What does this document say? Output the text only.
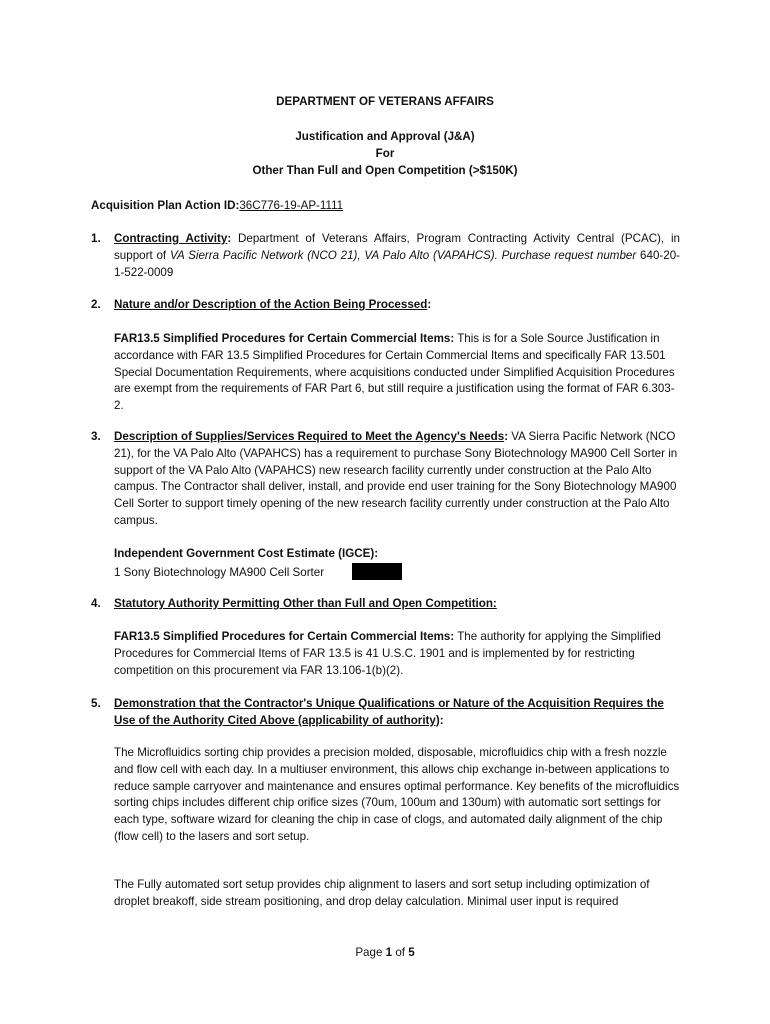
DEPARTMENT OF VETERANS AFFAIRS
Justification and Approval (J&A)
For
Other Than Full and Open Competition (>$150K)
Acquisition Plan Action ID:36C776-19-AP-1111
1.	Contracting Activity: Department of Veterans Affairs, Program Contracting Activity Central (PCAC), in support of VA Sierra Pacific Network (NCO 21), VA Palo Alto (VAPAHCS). Purchase request number 640-20-1-522-0009
2.	Nature and/or Description of the Action Being Processed:
FAR13.5 Simplified Procedures for Certain Commercial Items: This is for a Sole Source Justification in accordance with FAR 13.5 Simplified Procedures for Certain Commercial Items and specifically FAR 13.501 Special Documentation Requirements, where acquisitions conducted under Simplified Acquisition Procedures are exempt from the requirements of FAR Part 6, but still require a justification using the format of FAR 6.303-2.
3.	Description of Supplies/Services Required to Meet the Agency's Needs: VA Sierra Pacific Network (NCO 21), for the VA Palo Alto (VAPAHCS) has a requirement to purchase Sony Biotechnology MA900 Cell Sorter in support of the VA Palo Alto (VAPAHCS) new research facility currently under construction at the Palo Alto campus. The Contractor shall deliver, install, and provide end user training for the Sony Biotechnology MA900 Cell Sorter to support timely opening of the new research facility currently under construction at the Palo Alto campus.
Independent Government Cost Estimate (IGCE):
1 Sony Biotechnology MA900 Cell Sorter
4.	Statutory Authority Permitting Other than Full and Open Competition:
FAR13.5 Simplified Procedures for Certain Commercial Items: The authority for applying the Simplified Procedures for Commercial Items of FAR 13.5 is 41 U.S.C. 1901 and is implemented by for restricting competition on this procurement via FAR 13.106-1(b)(2).
5.	Demonstration that the Contractor's Unique Qualifications or Nature of the Acquisition Requires the Use of the Authority Cited Above (applicability of authority):
The Microfluidics sorting chip provides a precision molded, disposable, microfluidics chip with a fresh nozzle and flow cell with each day. In a multiuser environment, this allows chip exchange in-between applications to reduce sample carryover and maintenance and ensures optimal performance. Key benefits of the microfluidics sorting chips includes different chip orifice sizes (70um, 100um and 130um) with automatic sort settings for each type, software wizard for cleaning the chip in case of clogs, and automated daily alignment of the chip (flow cell) to the lasers and sort setup.
The Fully automated sort setup provides chip alignment to lasers and sort setup including optimization of droplet breakoff, side stream positioning, and drop delay calculation. Minimal user input is required
Page 1 of 5
